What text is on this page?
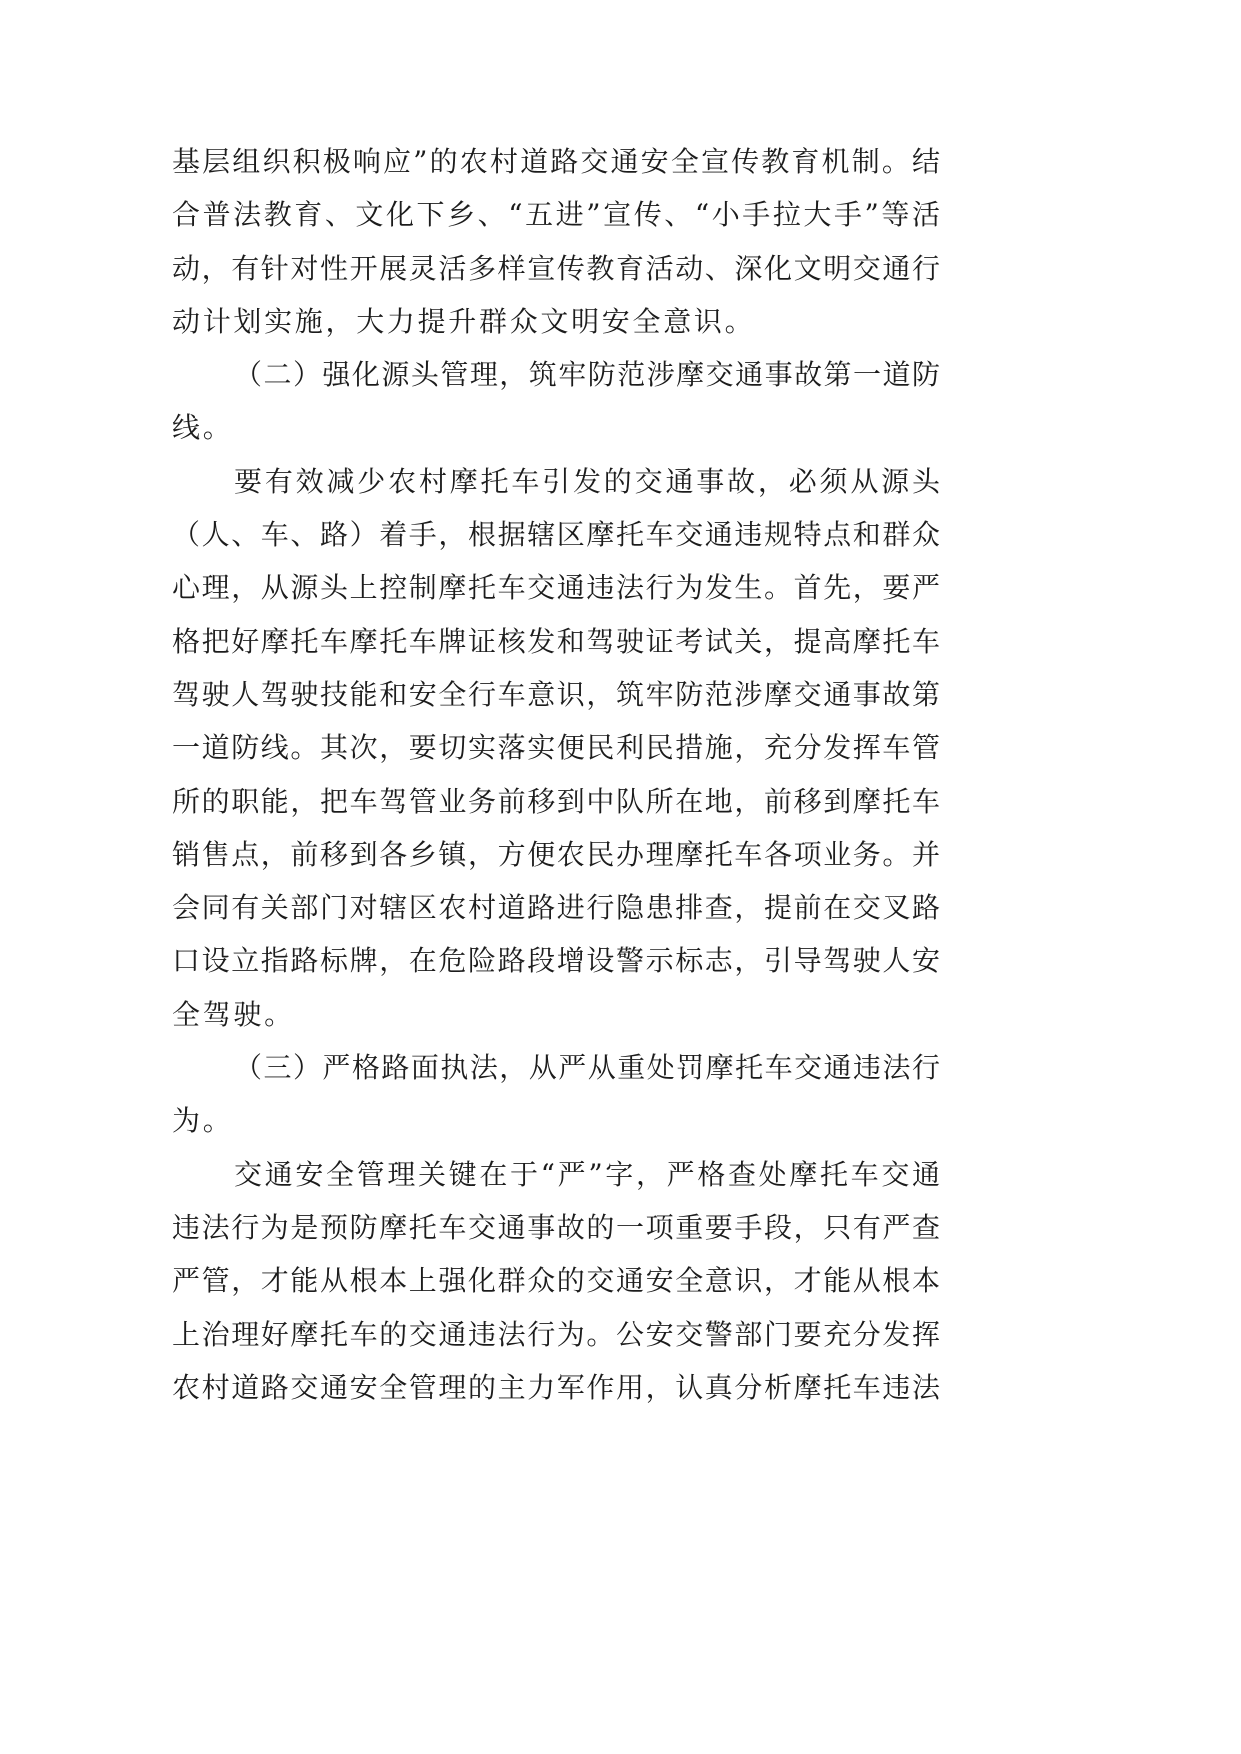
基层组织积极响应”的农村道路交通安全宣传教育机制。结
合普法教育、文化下乡、“五进”宣传、“小手拉大手”等活
动，有针对性开展灵活多样宣传教育活动、深化文明交通行
动计划实施，大力提升群众文明安全意识。
（二）强化源头管理，筑牢防范涉摩交通事故第一道防
线。
要有效减少农村摩托车引发的交通事故，必须从源头
（人、车、路）着手，根据辖区摩托车交通违规特点和群众
心理，从源头上控制摩托车交通违法行为发生。首先，要严
格把好摩托车摩托车牌证核发和驾驶证考试关，提高摩托车
驾驶人驾驶技能和安全行车意识，筑牢防范涉摩交通事故第
一道防线。其次，要切实落实便民利民措施，充分发挥车管
所的职能，把车驾管业务前移到中队所在地，前移到摩托车
销售点，前移到各乡镇，方便农民办理摩托车各项业务。并
会同有关部门对辖区农村道路进行隐患排查，提前在交叉路
口设立指路标牌，在危险路段增设警示标志，引导驾驶人安
全驾驶。
（三）严格路面执法，从严从重处罚摩托车交通违法行
为。
交通安全管理关键在于“严”字，严格查处摩托车交通
违法行为是预防摩托车交通事故的一项重要手段，只有严查
严管，才能从根本上强化群众的交通安全意识，才能从根本
上治理好摩托车的交通违法行为。公安交警部门要充分发挥
农村道路交通安全管理的主力军作用，认真分析摩托车违法
